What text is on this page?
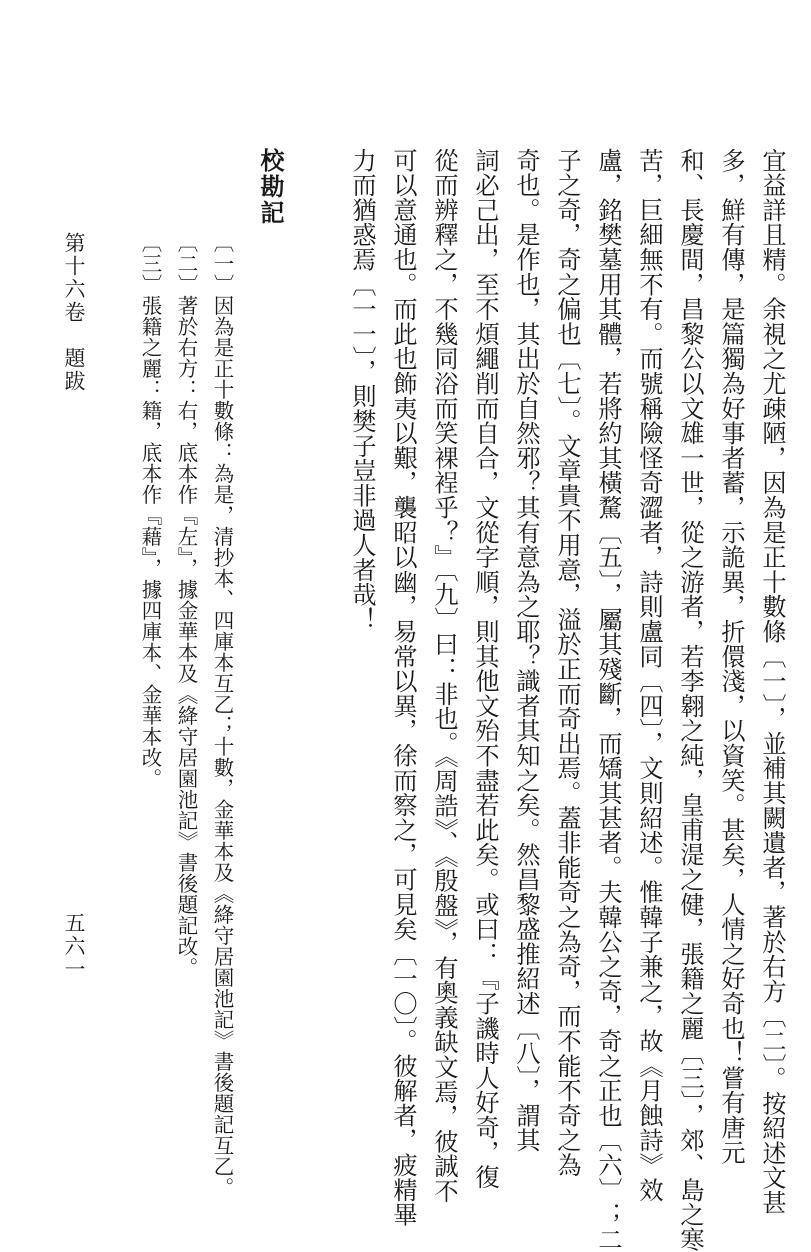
宜益詳且精。余視之尤疎陋，因為是正十數條〔一〕，並補其闕遺者，著於右方〔二〕。按紹述文甚

多，鮮有傳，是篇獨為好事者蓄，示詭異，折儇淺，以資笑。甚矣，人情之好奇也！嘗有唐元

和、長慶間，昌黎公以文雄一世，從之游者，若李翱之純，皇甫湜之健，張籍之麗〔三〕，郊、島之寒

苦，巨細無不有。而號稱險怪奇澀者，詩則盧同〔四〕，文則紹述。惟韓子兼之，故《月蝕詩》效

盧，銘樊墓用其體，若將約其橫騖〔五〕，屬其殘斷，而矯其甚者。夫韓公之奇，奇之正也〔六〕；二

子之奇，奇之偏也〔七〕。文章貴不用意，溢於正而奇出焉。蓋非能奇之為奇，而不能不奇之為

奇也。是作也，其出於自然邪？其有意為之耶？識者其知之矣。然昌黎盛推紹述〔八〕，謂其

詞必己出，至不煩繩削而自合，文從字順，則其他文殆不盡若此矣。或曰：『子譏時人好奇，復

從而辨釋之，不幾同浴而笑裸裎乎？』〔九〕曰：非也。《周誥》、《殷盤》，有奧義缺文焉，彼誠不

可以意通也。而此也飾夷以艱，襲昭以幽，易常以異，徐而察之，可見矣〔一〇〕。彼解者，疲精畢

力而猶惑焉〔一一〕，則樊子豈非過人者哉！

校勘記

〔一〕因為是正十數條：為是，清抄本、四庫本互乙；十數，金華本及《絳守居園池記》書後題記互乙。

〔二〕著於右方：右，底本作『左』，據金華本及《絳守居園池記》書後題記改。

〔三〕張籍之麗：籍，底本作『藉』，據四庫本、金華本改。

第十六卷　題跋
五六一
